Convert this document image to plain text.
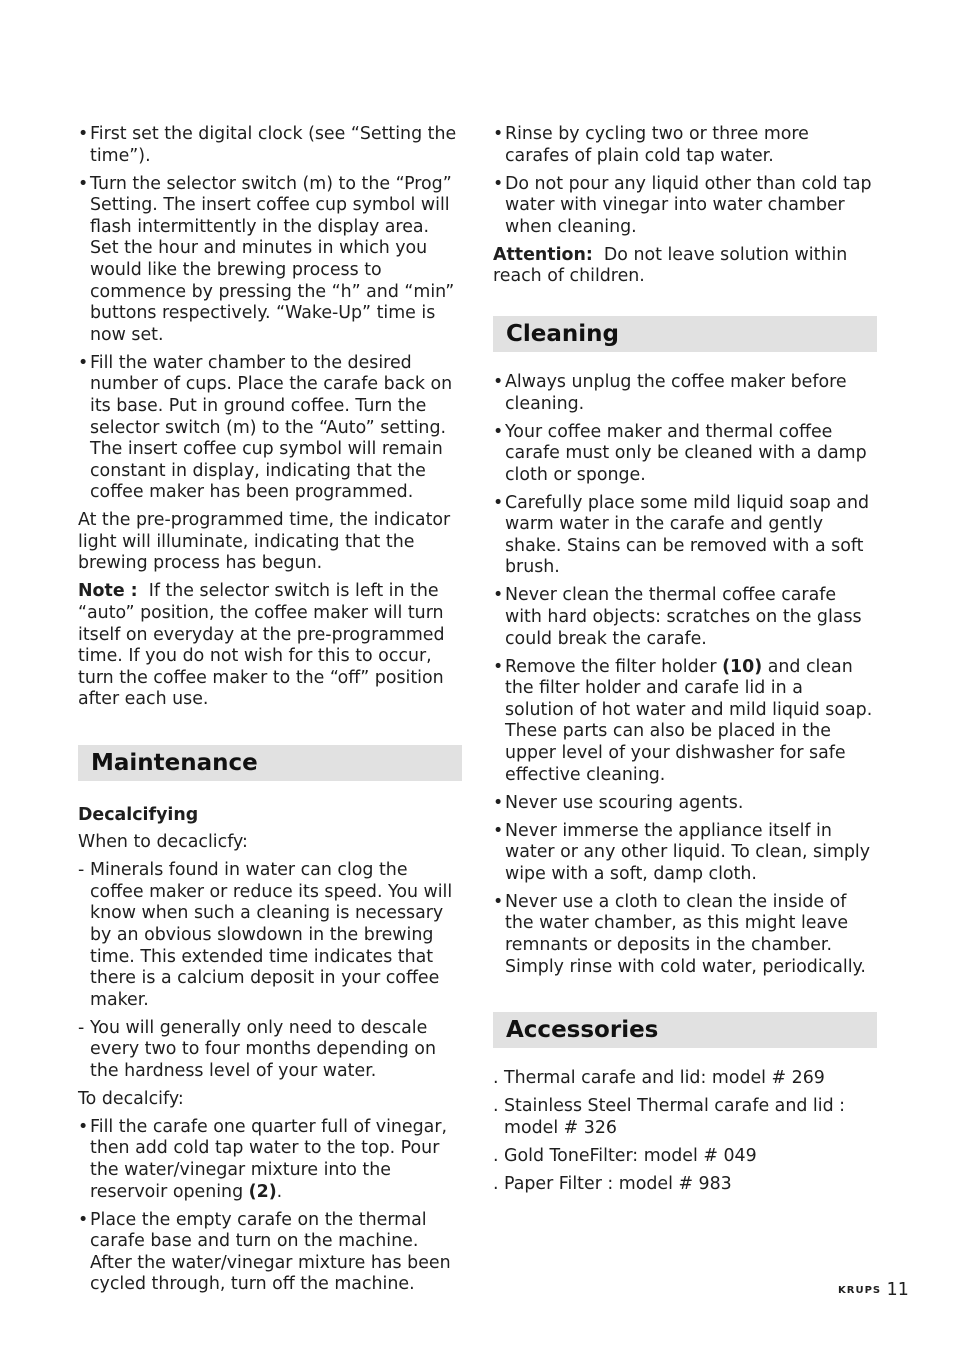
• First set the digital clock (see “Setting the time”).
• Turn the selector switch (m) to the “Prog” Setting. The insert coffee cup symbol will flash intermittently in the display area. Set the hour and minutes in which you would like the brewing process to commence by pressing the “h” and “min” buttons respectively. “Wake-Up” time is now set.
• Fill the water chamber to the desired number of cups. Place the carafe back on its base. Put in ground coffee. Turn the selector switch (m) to the “Auto” setting. The insert coffee cup symbol will remain constant in display, indicating that the coffee maker has been programmed.

At the pre-programmed time, the indicator light will illuminate, indicating that the brewing process has begun.

Note : If the selector switch is left in the “auto” position, the coffee maker will turn itself on everyday at the pre-programmed time. If you do not wish for this to occur, turn the coffee maker to the “off” position after each use.

Maintenance
Decalcifying

When to decaclicfy:

- Minerals found in water can clog the coffee maker or reduce its speed. You will know when such a cleaning is necessary by an obvious slowdown in the brewing time. This extended time indicates that there is a calcium deposit in your coffee maker.
- You will generally only need to descale every two to four months depending on the hardness level of your water.

To decalcify:

• Fill the carafe one quarter full of vinegar, then add cold tap water to the top. Pour the water/vinegar mixture into the reservoir opening (2).
• Place the empty carafe on the thermal carafe base and turn on the machine. After the water/vinegar mixture has been cycled through, turn off the machine.
• Rinse by cycling two or three more carafes of plain cold tap water.
• Do not pour any liquid other than cold tap water with vinegar into water chamber when cleaning.

Attention: Do not leave solution within reach of children.

Cleaning
• Always unplug the coffee maker before cleaning.
• Your coffee maker and thermal coffee carafe must only be cleaned with a damp cloth or sponge.
• Carefully place some mild liquid soap and warm water in the carafe and gently shake. Stains can be removed with a soft brush.
• Never clean the thermal coffee carafe with hard objects: scratches on the glass could break the carafe.
• Remove the filter holder (10) and clean the filter holder and carafe lid in a solution of hot water and mild liquid soap. These parts can also be placed in the upper level of your dishwasher for safe effective cleaning.
• Never use scouring agents.
• Never immerse the appliance itself in water or any other liquid. To clean, simply wipe with a soft, damp cloth.
• Never use a cloth to clean the inside of the water chamber, as this might leave remnants or deposits in the chamber. Simply rinse with cold water, periodically.
Accessories
. Thermal carafe and lid: model # 269
. Stainless Steel Thermal carafe and lid : model # 326
. Gold ToneFilter: model # 049
. Paper Filter : model # 983
KRUPS 11
